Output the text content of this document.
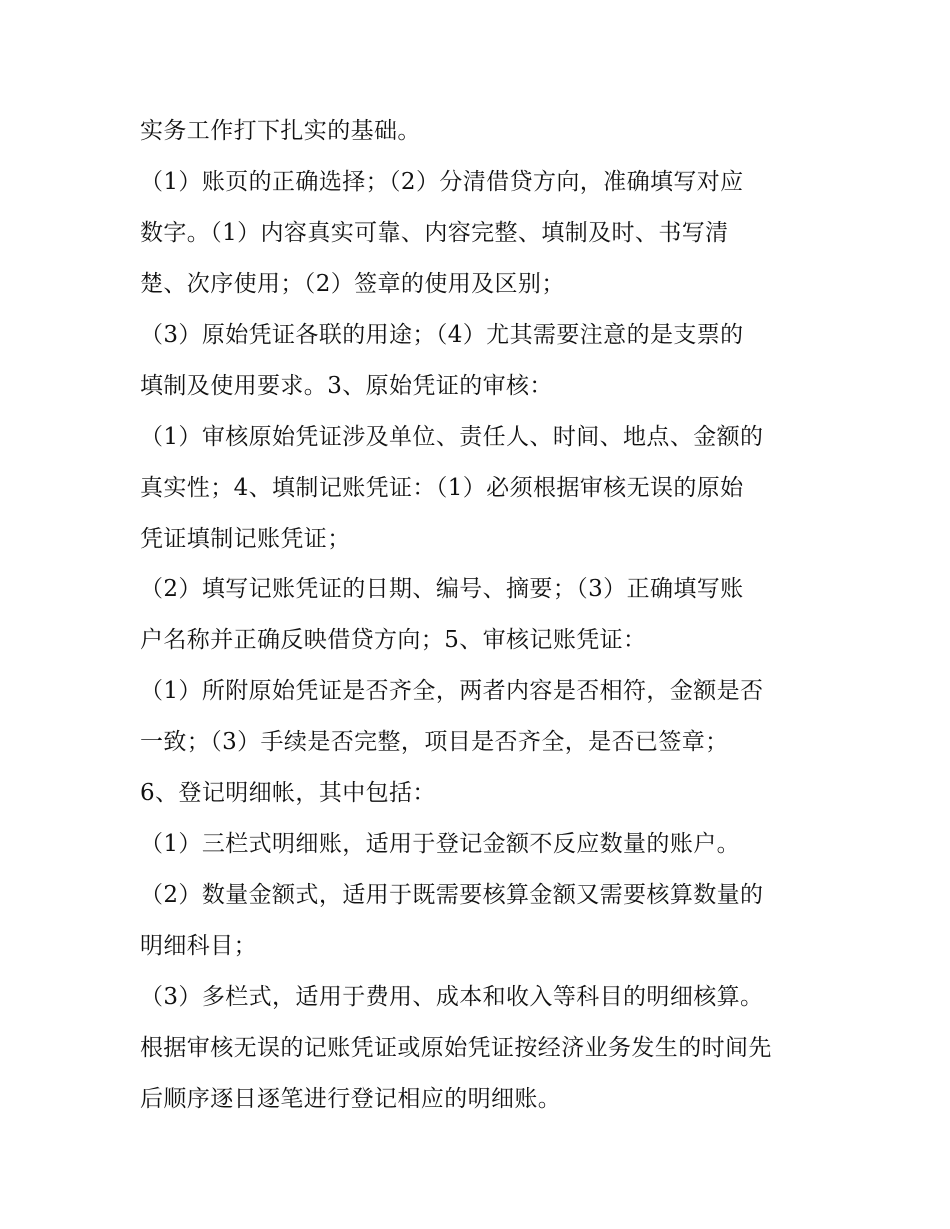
实务工作打下扎实的基础。
（1）账页的正确选择；（2）分清借贷方向，准确填写对应
数字。（1）内容真实可靠、内容完整、填制及时、书写清
楚、次序使用；（2）签章的使用及区别；
（3）原始凭证各联的用途；（4）尤其需要注意的是支票的
填制及使用要求。3、原始凭证的审核：
（1）审核原始凭证涉及单位、责任人、时间、地点、金额的
真实性；4、填制记账凭证：（1）必须根据审核无误的原始
凭证填制记账凭证；
（2）填写记账凭证的日期、编号、摘要；（3）正确填写账
户名称并正确反映借贷方向；5、审核记账凭证：
（1）所附原始凭证是否齐全，两者内容是否相符，金额是否
一致；（3）手续是否完整，项目是否齐全，是否已签章；
6、登记明细帐，其中包括：
（1）三栏式明细账，适用于登记金额不反应数量的账户。
（2）数量金额式，适用于既需要核算金额又需要核算数量的
明细科目；
（3）多栏式，适用于费用、成本和收入等科目的明细核算。
根据审核无误的记账凭证或原始凭证按经济业务发生的时间先
后顺序逐日逐笔进行登记相应的明细账。
